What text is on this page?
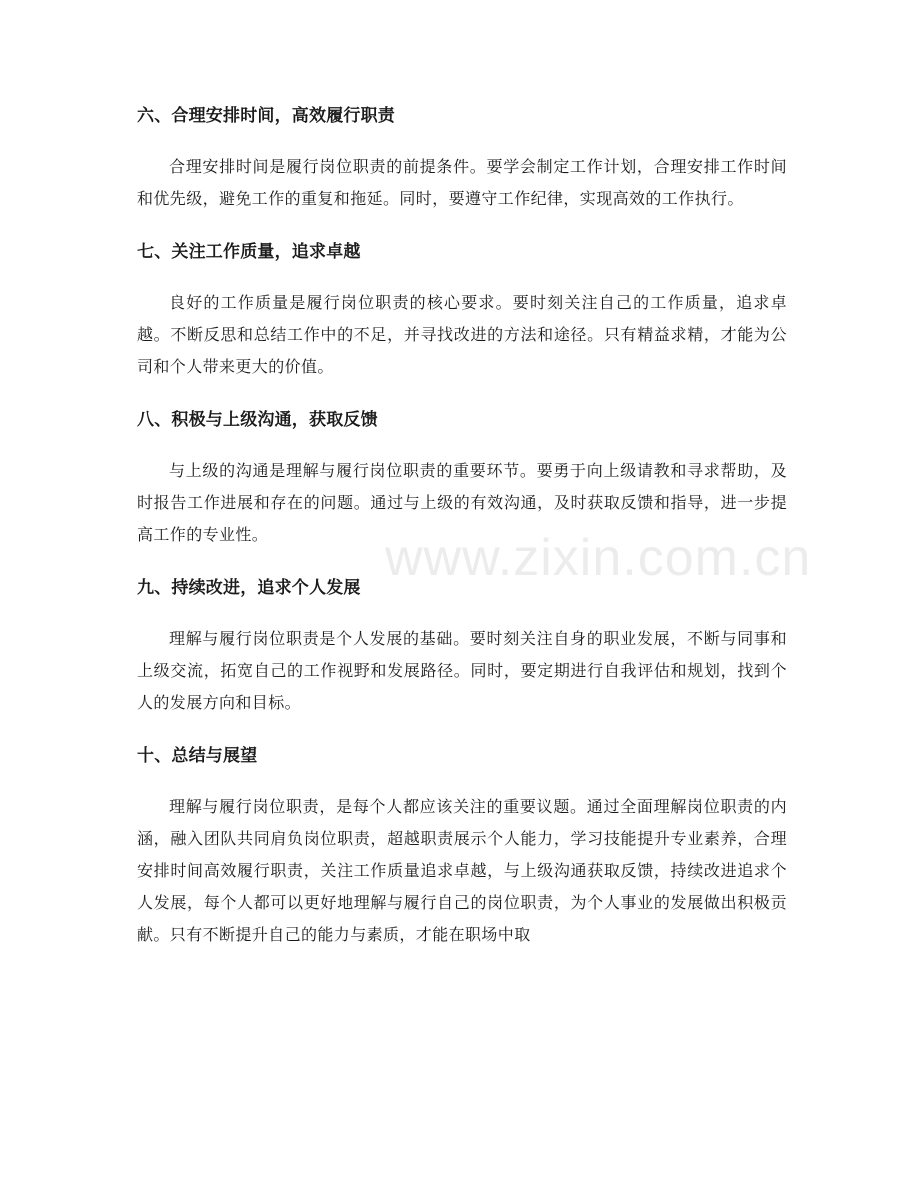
六、合理安排时间，高效履行职责

合理安排时间是履行岗位职责的前提条件。要学会制定工作计划，合理安排工作时间和优先级，避免工作的重复和拖延。同时，要遵守工作纪律，实现高效的工作执行。

七、关注工作质量，追求卓越

良好的工作质量是履行岗位职责的核心要求。要时刻关注自己的工作质量，追求卓越。不断反思和总结工作中的不足，并寻找改进的方法和途径。只有精益求精，才能为公司和个人带来更大的价值。

八、积极与上级沟通，获取反馈

与上级的沟通是理解与履行岗位职责的重要环节。要勇于向上级请教和寻求帮助，及时报告工作进展和存在的问题。通过与上级的有效沟通，及时获取反馈和指导，进一步提高工作的专业性。

九、持续改进，追求个人发展

理解与履行岗位职责是个人发展的基础。要时刻关注自身的职业发展，不断与同事和上级交流，拓宽自己的工作视野和发展路径。同时，要定期进行自我评估和规划，找到个人的发展方向和目标。

十、总结与展望

理解与履行岗位职责，是每个人都应该关注的重要议题。通过全面理解岗位职责的内涵，融入团队共同肩负岗位职责，超越职责展示个人能力，学习技能提升专业素养，合理安排时间高效履行职责，关注工作质量追求卓越，与上级沟通获取反馈，持续改进追求个人发展，每个人都可以更好地理解与履行自己的岗位职责，为个人事业的发展做出积极贡献。只有不断提升自己的能力与素质，才能在职场中取

www.zixin.com.cn
